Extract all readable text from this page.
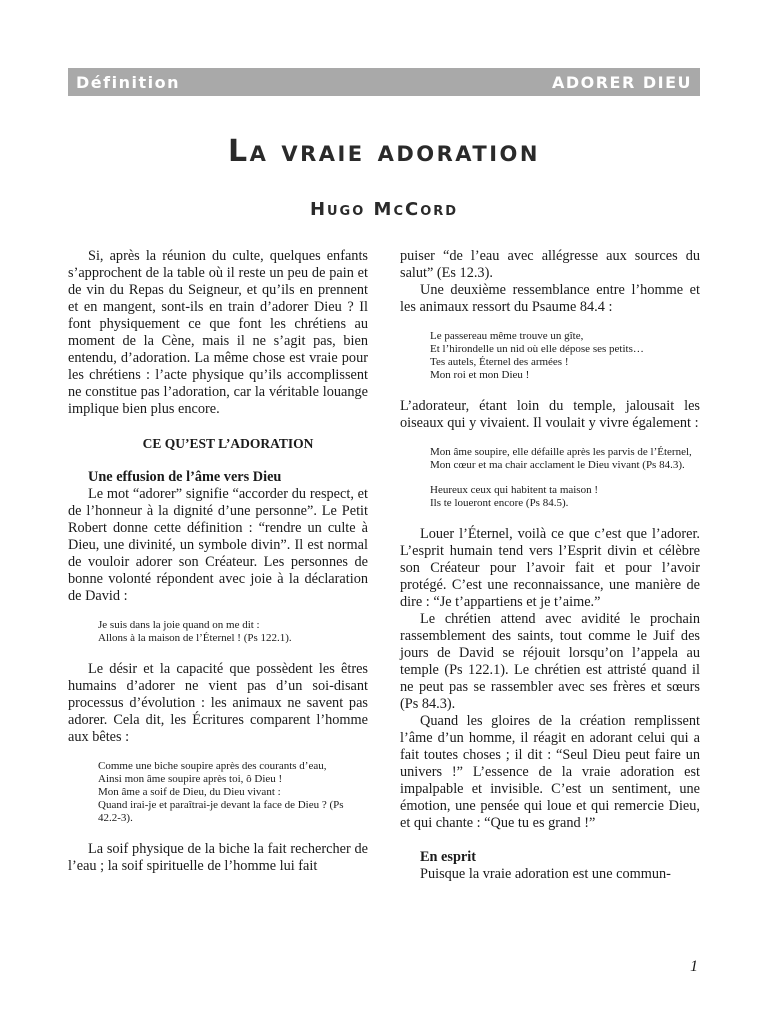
Définition	ADORER DIEU
La vraie adoration
Hugo McCord

Si, après la réunion du culte, quelques enfants s’approchent de la table où il reste un peu de pain et de vin du Repas du Seigneur, et qu’ils en prennent et en mangent, sont-ils en train d’adorer Dieu ? Il font physiquement ce que font les chrétiens au moment de la Cène, mais il ne s’agit pas, bien entendu, d’adoration. La même chose est vraie pour les chrétiens : l’acte physique qu’ils accomplissent ne constitue pas l’adoration, car la véritable louange implique bien plus encore.

CE QU’EST L’ADORATION

Une effusion de l’âme vers Dieu

Le mot “adorer” signifie “accorder du respect, et de l’honneur à la dignité d’une personne”. Le Petit Robert donne cette définition : “rendre un culte à Dieu, une divinité, un symbole divin”. Il est normal de vouloir adorer son Créateur. Les personnes de bonne volonté répondent avec joie à la déclaration de David :

Je suis dans la joie quand on me dit :
Allons à la maison de l’Éternel ! (Ps 122.1).

Le désir et la capacité que possèdent les êtres humains d’adorer ne vient pas d’un soi-disant processus d’évolution : les animaux ne savent pas adorer. Cela dit, les Écritures comparent l’homme aux bêtes :

Comme une biche soupire après des courants d’eau,
Ainsi mon âme soupire après toi, ô Dieu !
Mon âme a soif de Dieu, du Dieu vivant :
Quand irai-je et paraîtrai-je devant la face de Dieu ? (Ps 42.2-3).

La soif physique de la biche la fait rechercher de l’eau ; la soif spirituelle de l’homme lui fait

puiser “de l’eau avec allégresse aux sources du salut” (Es 12.3).

Une deuxième ressemblance entre l’homme et les animaux ressort du Psaume 84.4 :

Le passereau même trouve un gîte,
Et l’hirondelle un nid où elle dépose ses petits…
Tes autels, Éternel des armées !
Mon roi et mon Dieu !

L’adorateur, étant loin du temple, jalousait les oiseaux qui y vivaient. Il voulait y vivre également :

Mon âme soupire, elle défaille après les parvis de l’Éternel,
Mon cœur et ma chair acclament le Dieu vivant (Ps 84.3).
Heureux ceux qui habitent ta maison !
Ils te loueront encore (Ps 84.5).

Louer l’Éternel, voilà ce que c’est que l’adorer. L’esprit humain tend vers l’Esprit divin et célèbre son Créateur pour l’avoir fait et pour l’avoir protégé. C’est une reconnaissance, une manière de dire : “Je t’appartiens et je t’aime.”

Le chrétien attend avec avidité le prochain rassemblement des saints, tout comme le Juif des jours de David se réjouit lorsqu’on l’appela au temple (Ps 122.1). Le chrétien est attristé quand il ne peut pas se rassembler avec ses frères et sœurs (Ps 84.3).

Quand les gloires de la création remplissent l’âme d’un homme, il réagit en adorant celui qui a fait toutes choses ; il dit : “Seul Dieu peut faire un univers !” L’essence de la vraie adoration est impalpable et invisible. C’est un sentiment, une émotion, une pensée qui loue et qui remercie Dieu, et qui chante : “Que tu es grand !”

En esprit

Puisque la vraie adoration est une commun-

1
